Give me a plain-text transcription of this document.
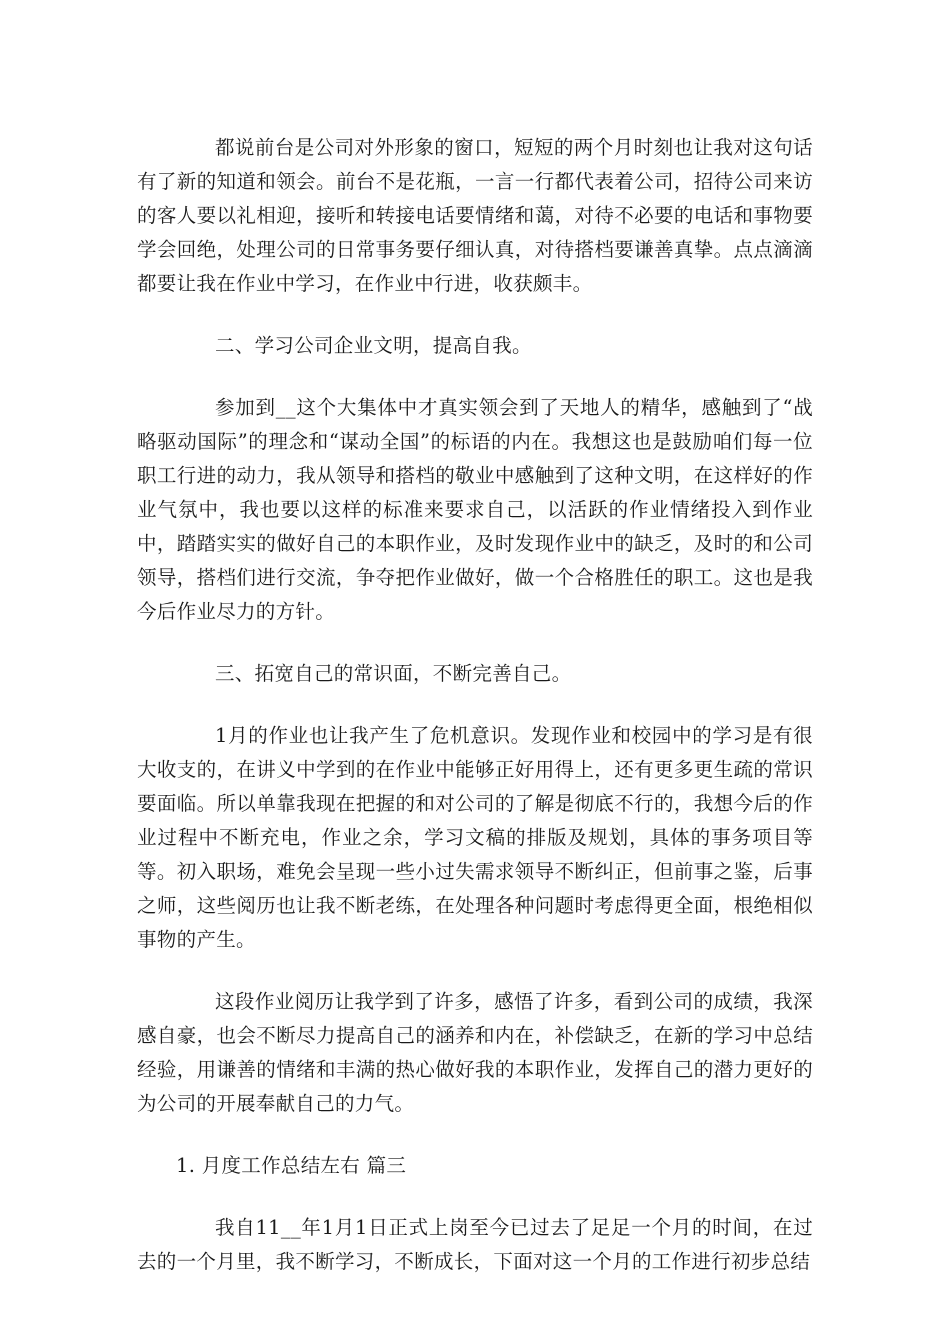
都说前台是公司对外形象的窗口，短短的两个月时刻也让我对这句话有了新的知道和领会。前台不是花瓶，一言一行都代表着公司，招待公司来访的客人要以礼相迎，接听和转接电话要情绪和蔼，对待不必要的电话和事物要学会回绝，处理公司的日常事务要仔细认真，对待搭档要谦善真挚。点点滴滴都要让我在作业中学习，在作业中行进，收获颇丰。

二、学习公司企业文明，提高自我。

参加到__这个大集体中才真实领会到了天地人的精华，感触到了“战略驱动国际”的理念和“谋动全国”的标语的内在。我想这也是鼓励咱们每一位职工行进的动力，我从领导和搭档的敬业中感触到了这种文明，在这样好的作业气氛中，我也要以这样的标准来要求自己，以活跃的作业情绪投入到作业中，踏踏实实的做好自己的本职作业，及时发现作业中的缺乏，及时的和公司领导，搭档们进行交流，争夺把作业做好，做一个合格胜任的职工。这也是我今后作业尽力的方针。

三、拓宽自己的常识面，不断完善自己。

1月的作业也让我产生了危机意识。发现作业和校园中的学习是有很大收支的，在讲义中学到的在作业中能够正好用得上，还有更多更生疏的常识要面临。所以单靠我现在把握的和对公司的了解是彻底不行的，我想今后的作业过程中不断充电，作业之余，学习文稿的排版及规划，具体的事务项目等等。初入职场，难免会呈现一些小过失需求领导不断纠正，但前事之鉴，后事之师，这些阅历也让我不断老练，在处理各种问题时考虑得更全面，根绝相似事物的产生。

这段作业阅历让我学到了许多，感悟了许多，看到公司的成绩，我深感自豪，也会不断尽力提高自己的涵养和内在，补偿缺乏，在新的学习中总结经验，用谦善的情绪和丰满的热心做好我的本职作业，发挥自己的潜力更好的为公司的开展奉献自己的力气。

1. 月度工作总结左右 篇三

我自11__年1月1日正式上岗至今已过去了足足一个月的时间，在过去的一个月里，我不断学习，不断成长，下面对这一个月的工作进行初步总结
